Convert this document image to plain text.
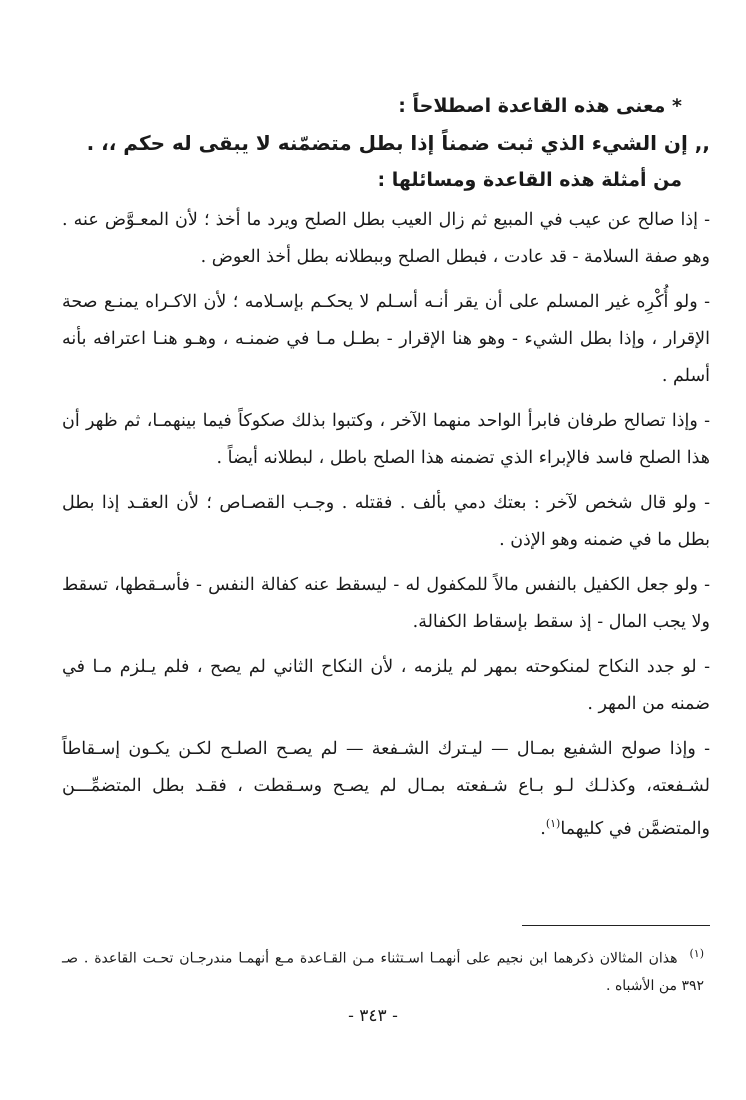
* معنى هذه القاعدة اصطلاحاً :

,, إن الشيء الذي ثبت ضمناً إذا بطل متضمّنه لا يبقى له حكم ،، .

من أمثلة هذه القاعدة ومسائلها :

- إذا صالح عن عيب في المبيع ثم زال العيب بطل الصلح ويرد ما أخذ ؛ لأن المعـوَّض عنه . وهو صفة السلامة - قد عادت ، فبطل الصلح وببطلانه بطل أخذ العوض .

- ولو أُكْرِه غير المسلم على أن يقر أنـه أسـلم لا يحكـم بإسـلامه ؛ لأن الاكـراه يمنـع صحة الإقرار ، وإذا بطل الشيء - وهو هنا الإقرار - بطـل مـا في ضمنـه ، وهـو هنـا اعترافه بأنه أسلم .

- وإذا تصالح طرفان فابرأ الواحد منهما الآخر ، وكتبوا بذلك صكوكاً فيما بينهمـا، ثم ظهر أن هذا الصلح فاسد فالإبراء الذي تضمنه هذا الصلح باطل ، لبطلانه أيضاً .

- ولو قال شخص لآخر : بعتك دمي بألف . فقتله . وجـب القصـاص ؛ لأن العقـد إذا بطل بطل ما في ضمنه وهو الإذن .

- ولو جعل الكفيل بالنفس مالاً للمكفول له - ليسقط عنه كفالة النفس - فأسـقطها، تسقط ولا يجب المال - إذ سقط بإسقاط الكفالة.

- لو جدد النكاح لمنكوحته بمهر لم يلزمه ، لأن النكاح الثاني لم يصح ، فلم يـلزم مـا في ضمنه من المهر .

- وإذا صولح الشفيع بمـال — ليـترك الشـفعة — لم يصـح الصلـح لكـن يكـون إسـقاطاً لشـفعته، وكذلـك لـو بـاع شـفعته بمـال لم يصـح وسـقطت ، فقـد بطل المتضمِّـــن والمتضمَّن في كليهما$^{(١)}$.

$^{(١)}$هذان المثالان ذكرهما ابن نجيم على أنهمـا اسـتثناء مـن القـاعدة مـع أنهمـا مندرجـان تحـت القاعدة . صـ ٣٩٢ من الأشباه .

- ٣٤٣ -
